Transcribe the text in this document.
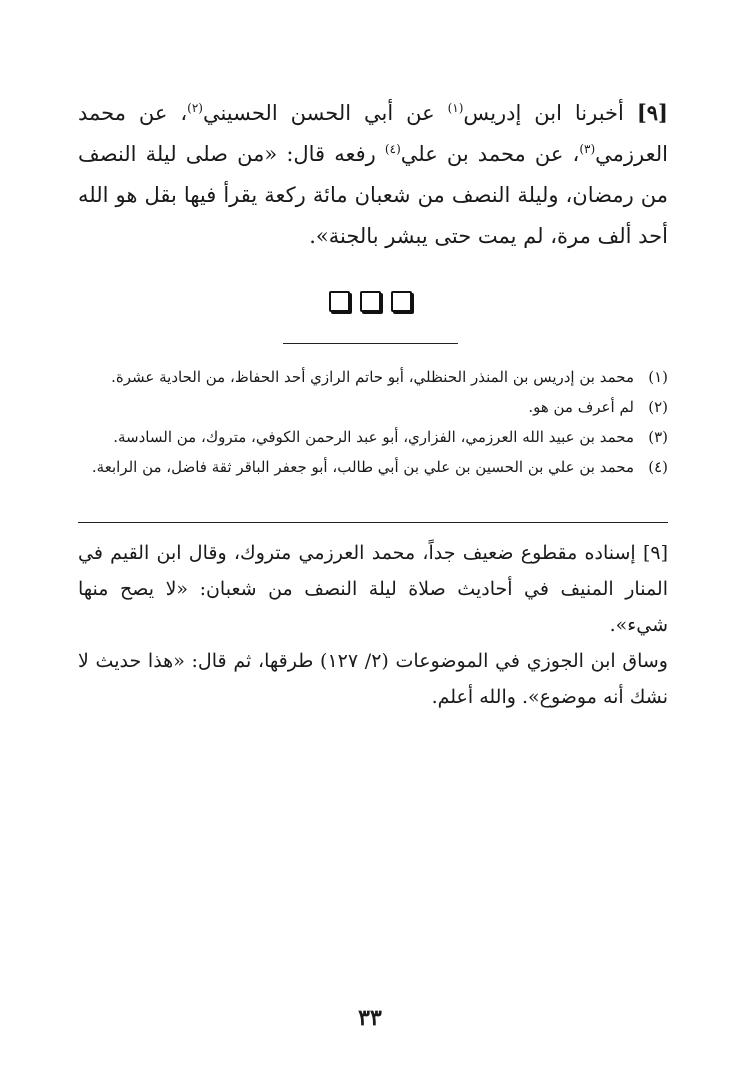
[٩] أخبرنا ابن إدريس$^{(١)}$ عن أبي الحسن الحسيني$^{(٢)}$، عن محمد العرزمي$^{(٣)}$، عن محمد بن علي$^{(٤)}$ رفعه قال: «من صلى ليلة النصف من رمضان، وليلة النصف من شعبان مائة ركعة يقرأ فيها بقل هو الله أحد ألف مرة، لم يمت حتى يبشر بالجنة».
(١)
محمد بن إدريس بن المنذر الحنظلي، أبو حاتم الرازي أحد الحفاظ، من الحادية عشرة.
(٢)
لم أعرف من هو.
(٣)
محمد بن عبيد الله العرزمي، الفزاري، أبو عبد الرحمن الكوفي، متروك، من السادسة.
(٤)
محمد بن علي بن الحسين بن علي بن أبي طالب، أبو جعفر الباقر ثقة فاضل، من الرابعة.
[٩] إسناده مقطوع ضعيف جداً، محمد العرزمي متروك، وقال ابن القيم في المنار المنيف في أحاديث صلاة ليلة النصف من شعبان: «لا يصح منها شيء».
وساق ابن الجوزي في الموضوعات (٢/ ١٢٧) طرقها، ثم قال: «هذا حديث لا نشك أنه موضوع». والله أعلم.
٣٣
